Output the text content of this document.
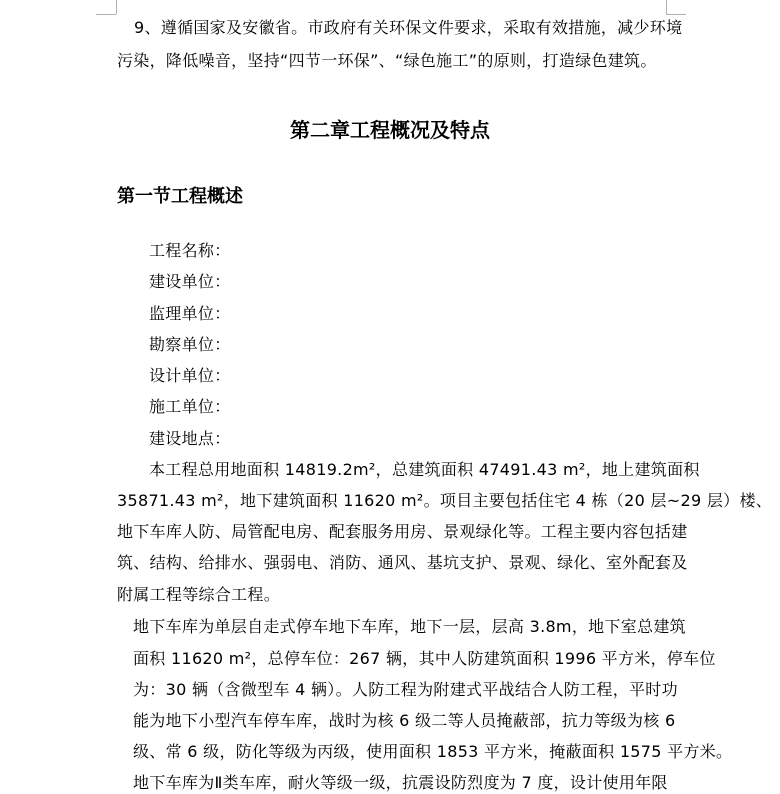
9、遵循国家及安徽省。市政府有关环保文件要求，采取有效措施，减少环境
污染，降低噪音，坚持“四节一环保”、“绿色施工”的原则，打造绿色建筑。
第二章工程概况及特点
第一节工程概述
工程名称：
建设单位：
监理单位：
勘察单位：
设计单位：
施工单位：
建设地点：
本工程总用地面积 14819.2m²，总建筑面积 47491.43 m²，地上建筑面积
35871.43 m²，地下建筑面积 11620 m²。项目主要包括住宅 4 栋（20 层~29 层）楼、
地下车库人防、局管配电房、配套服务用房、景观绿化等。工程主要内容包括建
筑、结构、给排水、强弱电、消防、通风、基坑支护、景观、绿化、室外配套及
附属工程等综合工程。
地下车库为单层自走式停车地下车库，地下一层，层高 3.8m，地下室总建筑
面积 11620 m²，总停车位：267 辆，其中人防建筑面积 1996 平方米，停车位
为：30 辆（含微型车 4 辆）。人防工程为附建式平战结合人防工程，平时功
能为地下小型汽车停车库，战时为核 6 级二等人员掩蔽部，抗力等级为核 6
级、常 6 级，防化等级为丙级，使用面积 1853 平方米，掩蔽面积 1575 平方米。
地下车库为Ⅱ类车库，耐火等级一级，抗震设防烈度为 7 度，设计使用年限
